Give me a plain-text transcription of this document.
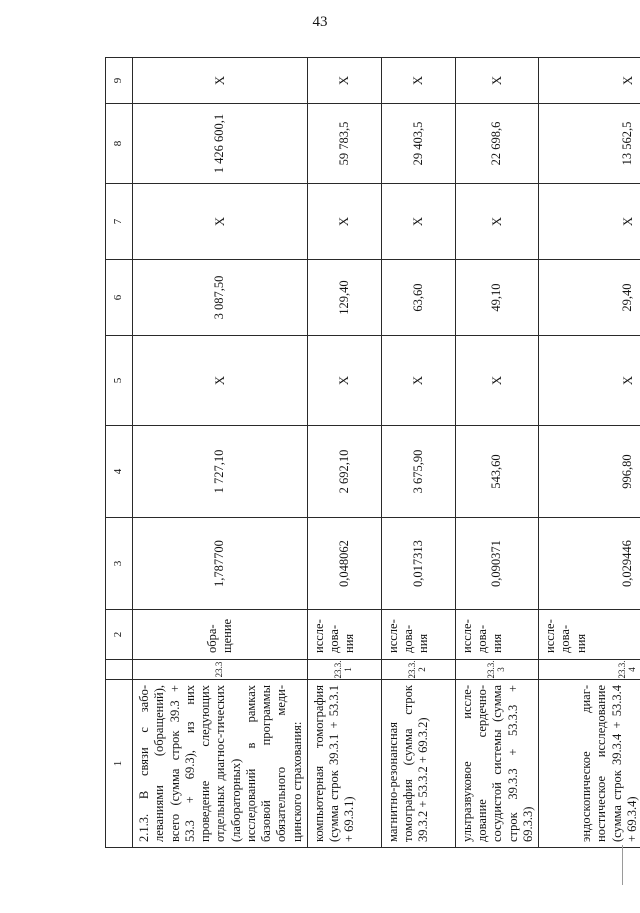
43
1		2	3	4	5	6	7	8	9
2.1.3. В связи с забо-леваниями (обращений), всего (сумма строк 39.3 + 53.3 + 69.3), из них проведение следующих отдельных диагнос-тических (лабораторных) исследований в рамках базовой программы обязательного меди-цинского страхования:	23.3	обра-щение	1,787700	1 727,10	X	3 087,50	X	1 426 600,1	X
компьютерная томография (сумма строк 39.3.1 + 53.3.1 + 69.3.1)	23.3. 1	иссле-дова-ния	0,048062	2 692,10	X	129,40	X	59 783,5	X
магнитно-резонансная томография (сумма строк 39.3.2 + 53.3.2 + 69.3.2)	23.3. 2	иссле-дова-ния	0,017313	3 675,90	X	63,60	X	29 403,5	X
ультразвуковое иссле-дование сердечно-сосудистой системы (сумма строк 39.3.3 + 53.3.3 + 69.3.3)	23.3. 3	иссле-дова-ния	0,090371	543,60	X	49,10	X	22 698,6	X
эндоскопическое диаг-ностическое исследование (сумма строк 39.3.4 + 53.3.4 + 69.3.4)	23.3. 4	иссле-дова-ния	0,029446	996,80	X	29,40	X	13 562,5	X
